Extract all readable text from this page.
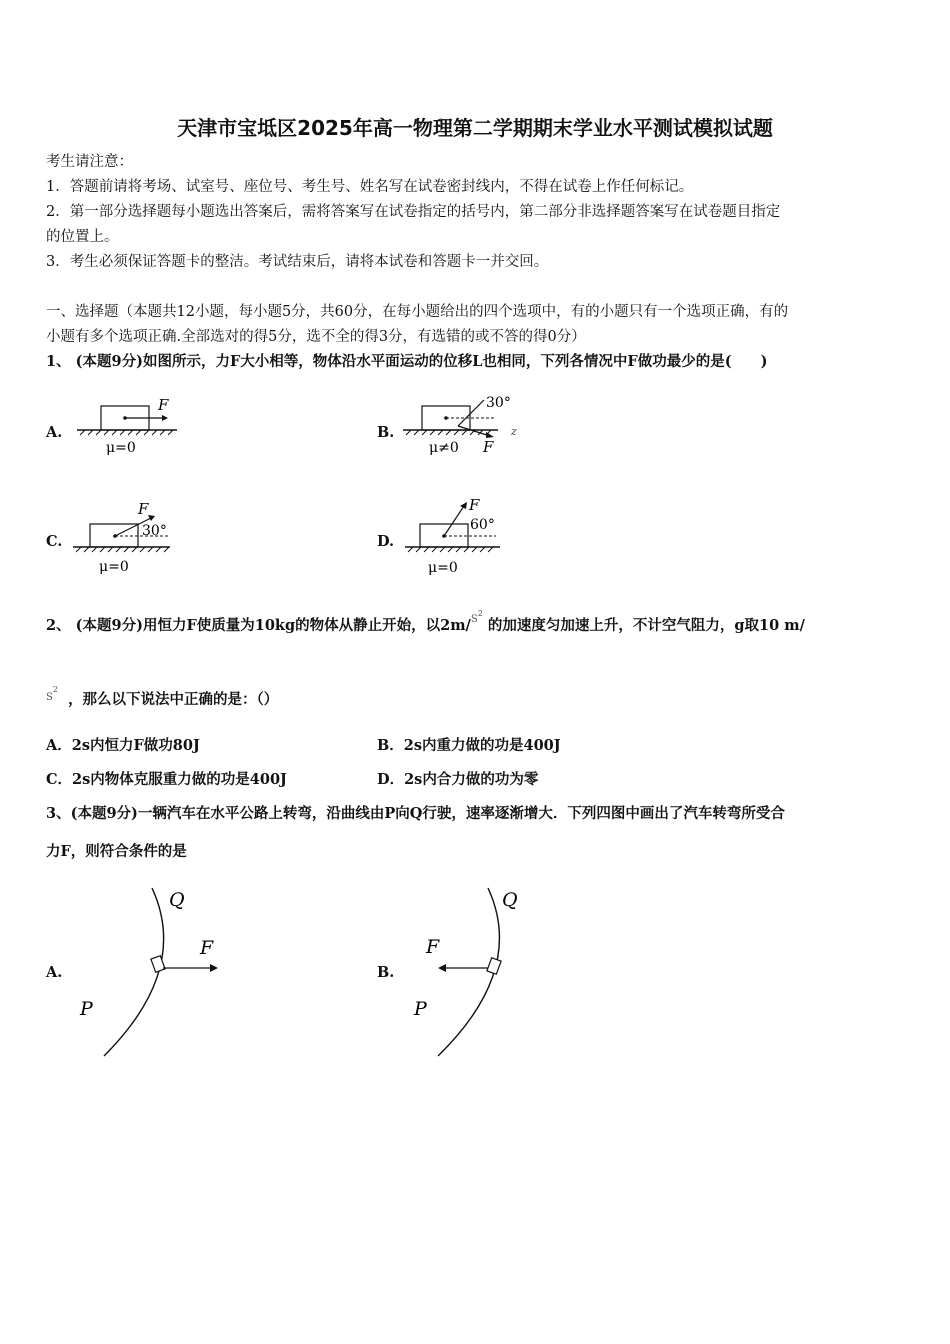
天津市宝坻区2025年高一物理第二学期期末学业水平测试模拟试题
考生请注意：
1．答题前请将考场、试室号、座位号、考生号、姓名写在试卷密封线内，不得在试卷上作任何标记。
2．第一部分选择题每小题选出答案后，需将答案写在试卷指定的括号内，第二部分非选择题答案写在试卷题目指定
的位置上。
3．考生必须保证答题卡的整洁。考试结束后，请将本试卷和答题卡一并交回。
一、选择题（本题共12小题，每小题5分，共60分，在每小题给出的四个选项中，有的小题只有一个选项正确，有的
小题有多个选项正确.全部选对的得5分，选不全的得3分，有选错的或不答的得0分）
1、 (本题9分)如图所示，力F大小相等，物体沿水平面运动的位移L也相同，下列各情况中F做功最少的是(　　)
A.
F
μ=0
B.
30°
F
μ≠0
z
C.
F
30°
μ=0
D.
F
60°
μ=0
2、 (本题9分)用恒力F使质量为10kg的物体从静止开始，以2m/$^{S2}$ 的加速度匀加速上升，不计空气阻力，g取10 m/
$^{S2}$  ，那么以下说法中正确的是：（）
A．2s内恒力F做功80J	B．2s内重力做的功是400J
C．2s内物体克服重力做的功是400J	D．2s内合力做的功为零
3、(本题9分)一辆汽车在水平公路上转弯，沿曲线由P向Q行驶，速率逐渐增大．下列四图中画出了汽车转弯所受合
力F，则符合条件的是
A.
Q
F
P
B.
Q
F
P
